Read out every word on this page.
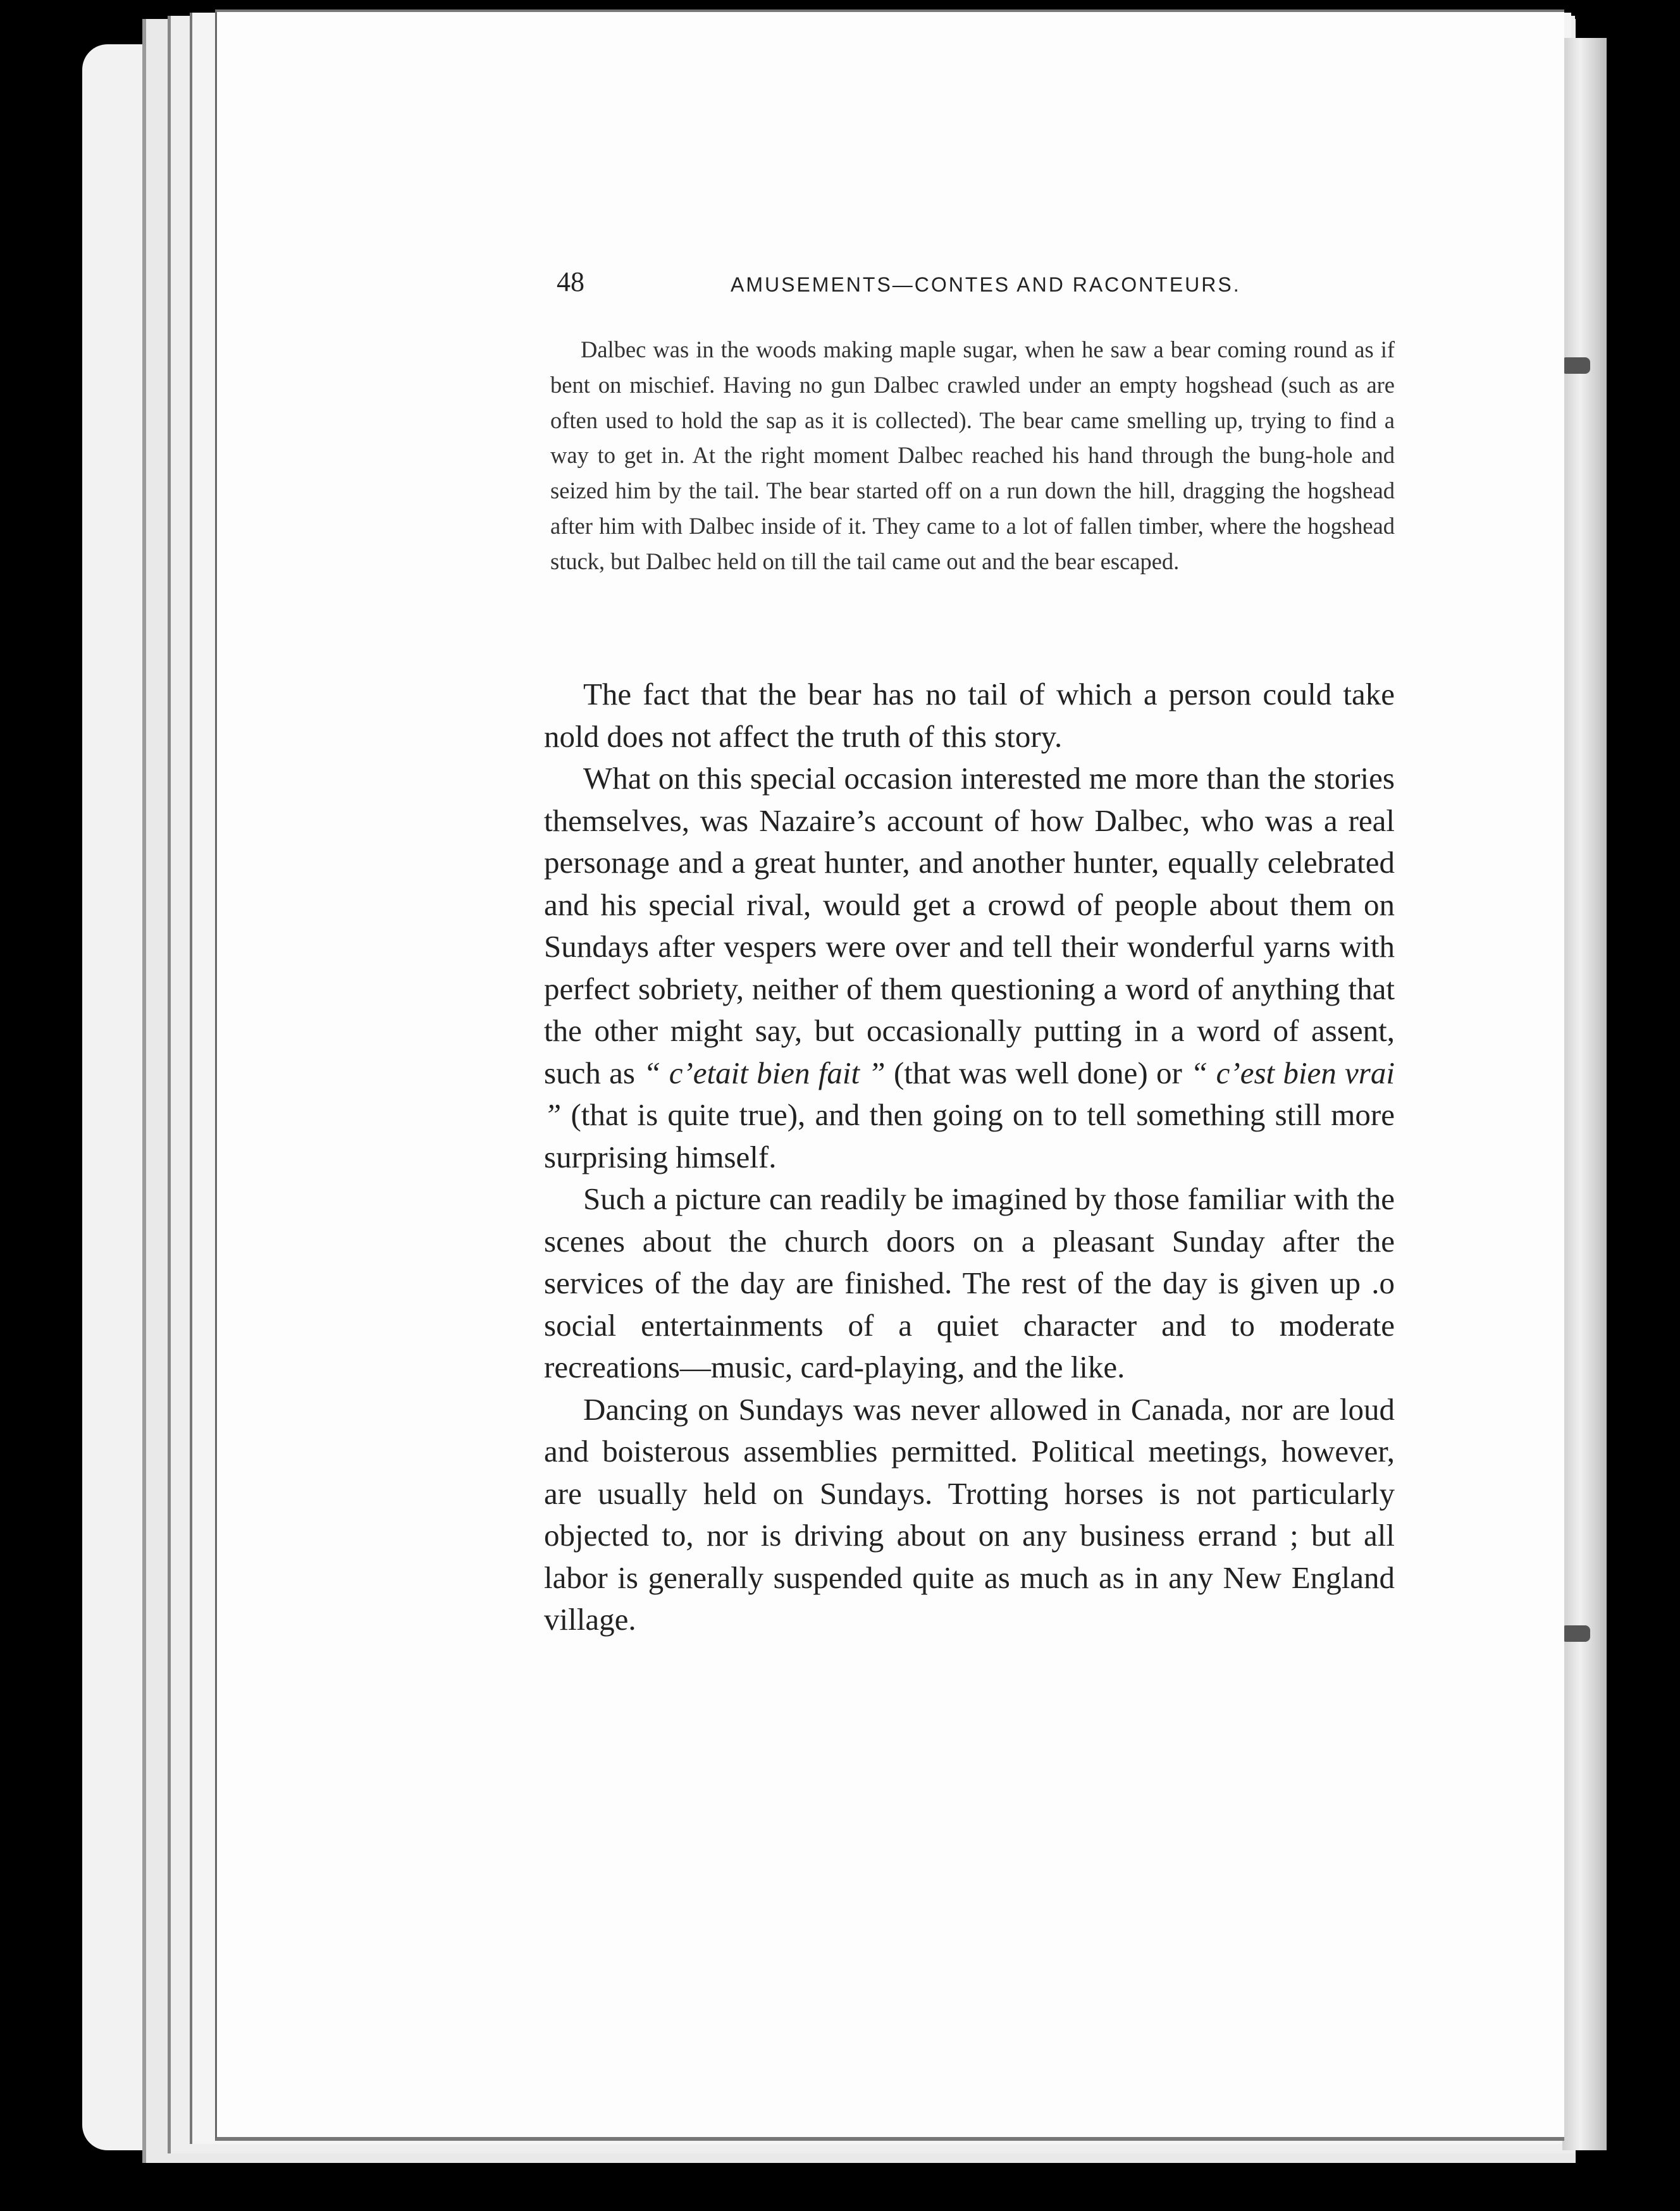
48	AMUSEMENTS—CONTES AND RACONTEURS.
Dalbec was in the woods making maple sugar, when he saw a bear coming round as if bent on mischief. Having no gun Dalbec crawled under an empty hogshead (such as are often used to hold the sap as it is collected). The bear came smelling up, trying to find a way to get in. At the right moment Dalbec reached his hand through the bung-hole and seized him by the tail. The bear started off on a run down the hill, dragging the hogshead after him with Dalbec inside of it. They came to a lot of fallen timber, where the hogshead stuck, but Dalbec held on till the tail came out and the bear escaped.

The fact that the bear has no tail of which a person could take nold does not affect the truth of this story.

What on this special occasion interested me more than the stories themselves, was Nazaire’s account of how Dalbec, who was a real personage and a great hunter, and another hunter, equally celebrated and his special rival, would get a crowd of people about them on Sundays after vespers were over and tell their wonderful yarns with perfect sobriety, neither of them questioning a word of anything that the other might say, but occasionally putting in a word of assent, such as “ c’etait bien fait ” (that was well done) or “ c’est bien vrai ” (that is quite true), and then going on to tell something still more surprising himself.

Such a picture can readily be imagined by those familiar with the scenes about the church doors on a pleasant Sunday after the services of the day are finished. The rest of the day is given up .o social entertainments of a quiet character and to moderate recreations—music, card-playing, and the like.

Dancing on Sundays was never allowed in Canada, nor are loud and boisterous assemblies permitted. Political meetings, however, are usually held on Sundays. Trotting horses is not particularly objected to, nor is driving about on any business errand ; but all labor is generally suspended quite as much as in any New England village.
